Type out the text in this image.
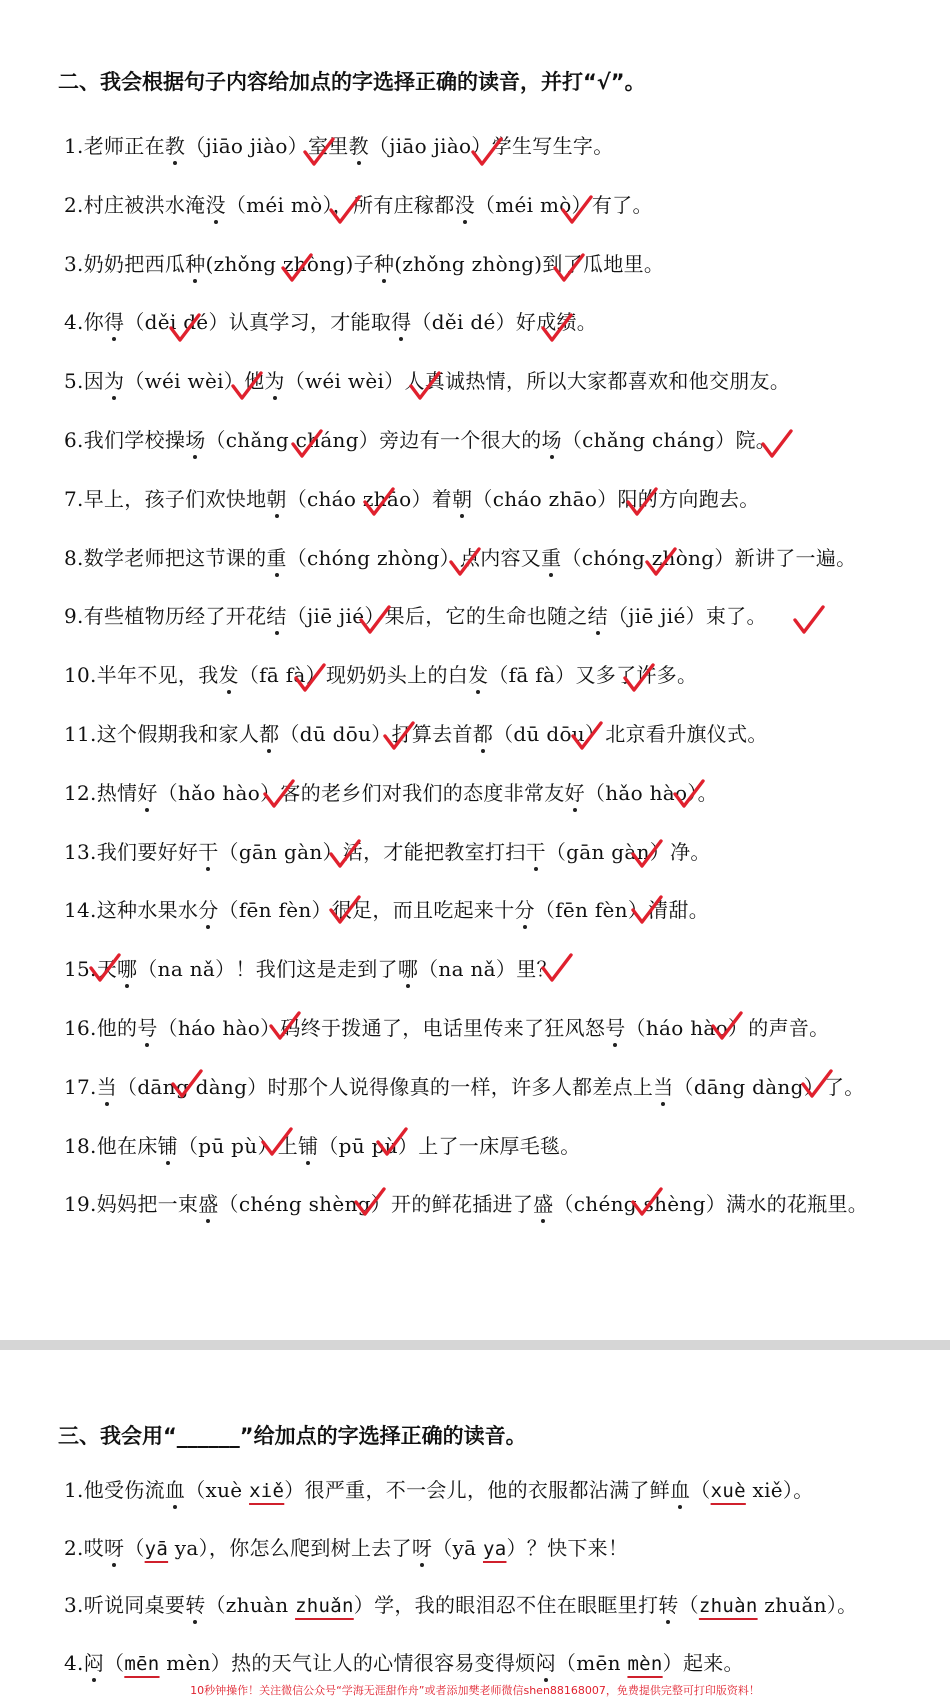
二、我会根据句子内容给加点的字选择正确的读音，并打“√”。
1.老师正在教（jiāo jiào）室里教（jiāo jiào）学生写生字。
2.村庄被洪水淹没（méi mò），所有庄稼都没（méi mò）有了。
3.奶奶把西瓜种(zhǒng zhòng)子种(zhǒng zhòng)到了瓜地里。
4.你得（děi dé）认真学习，才能取得（děi dé）好成绩。
5.因为（wéi wèi）他为（wéi wèi）人真诚热情，所以大家都喜欢和他交朋友。
6.我们学校操场（chǎng cháng）旁边有一个很大的场（chǎng cháng）院。
7.早上，孩子们欢快地朝（cháo zhāo）着朝（cháo zhāo）阳的方向跑去。
8.数学老师把这节课的重（chóng zhòng）点内容又重（chóng zhòng）新讲了一遍。
9.有些植物历经了开花结（jiē jié）果后，它的生命也随之结（jiē jié）束了。
10.半年不见，我发（fā fà）现奶奶头上的白发（fā fà）又多了许多。
11.这个假期我和家人都（dū dōu）打算去首都（dū dōu）北京看升旗仪式。
12.热情好（hǎo hào）客的老乡们对我们的态度非常友好（hǎo hào）。
13.我们要好好干（gān gàn）活，才能把教室打扫干（gān gàn）净。
14.这种水果水分（fēn fèn）很足，而且吃起来十分（fēn fèn）清甜。
15.天哪（na nǎ）！我们这是走到了哪（na nǎ）里？
16.他的号（háo hào）码终于拨通了，电话里传来了狂风怒号（háo hào）的声音。
17.当（dāng dàng）时那个人说得像真的一样，许多人都差点上当（dāng dàng）了。
18.他在床铺（pū pù）上铺（pū pù）上了一床厚毛毯。
19.妈妈把一束盛（chéng shèng）开的鲜花插进了盛（chéng shèng）满水的花瓶里。
三、我会用“______”给加点的字选择正确的读音。
1.他受伤流血（xuè xiě）很严重，不一会儿，他的衣服都沾满了鲜血（xuè xiě）。
2.哎呀（yā ya），你怎么爬到树上去了呀（yā ya）？快下来！
3.听说同桌要转（zhuàn zhuǎn）学，我的眼泪忍不住在眼眶里打转（zhuàn zhuǎn）。
4.闷（mēn mèn）热的天气让人的心情很容易变得烦闷（mēn mèn）起来。
10秒钟操作！关注微信公众号“学海无涯甜作舟”或者添加樊老师微信shen88168007，免费提供完整可打印版资料！
